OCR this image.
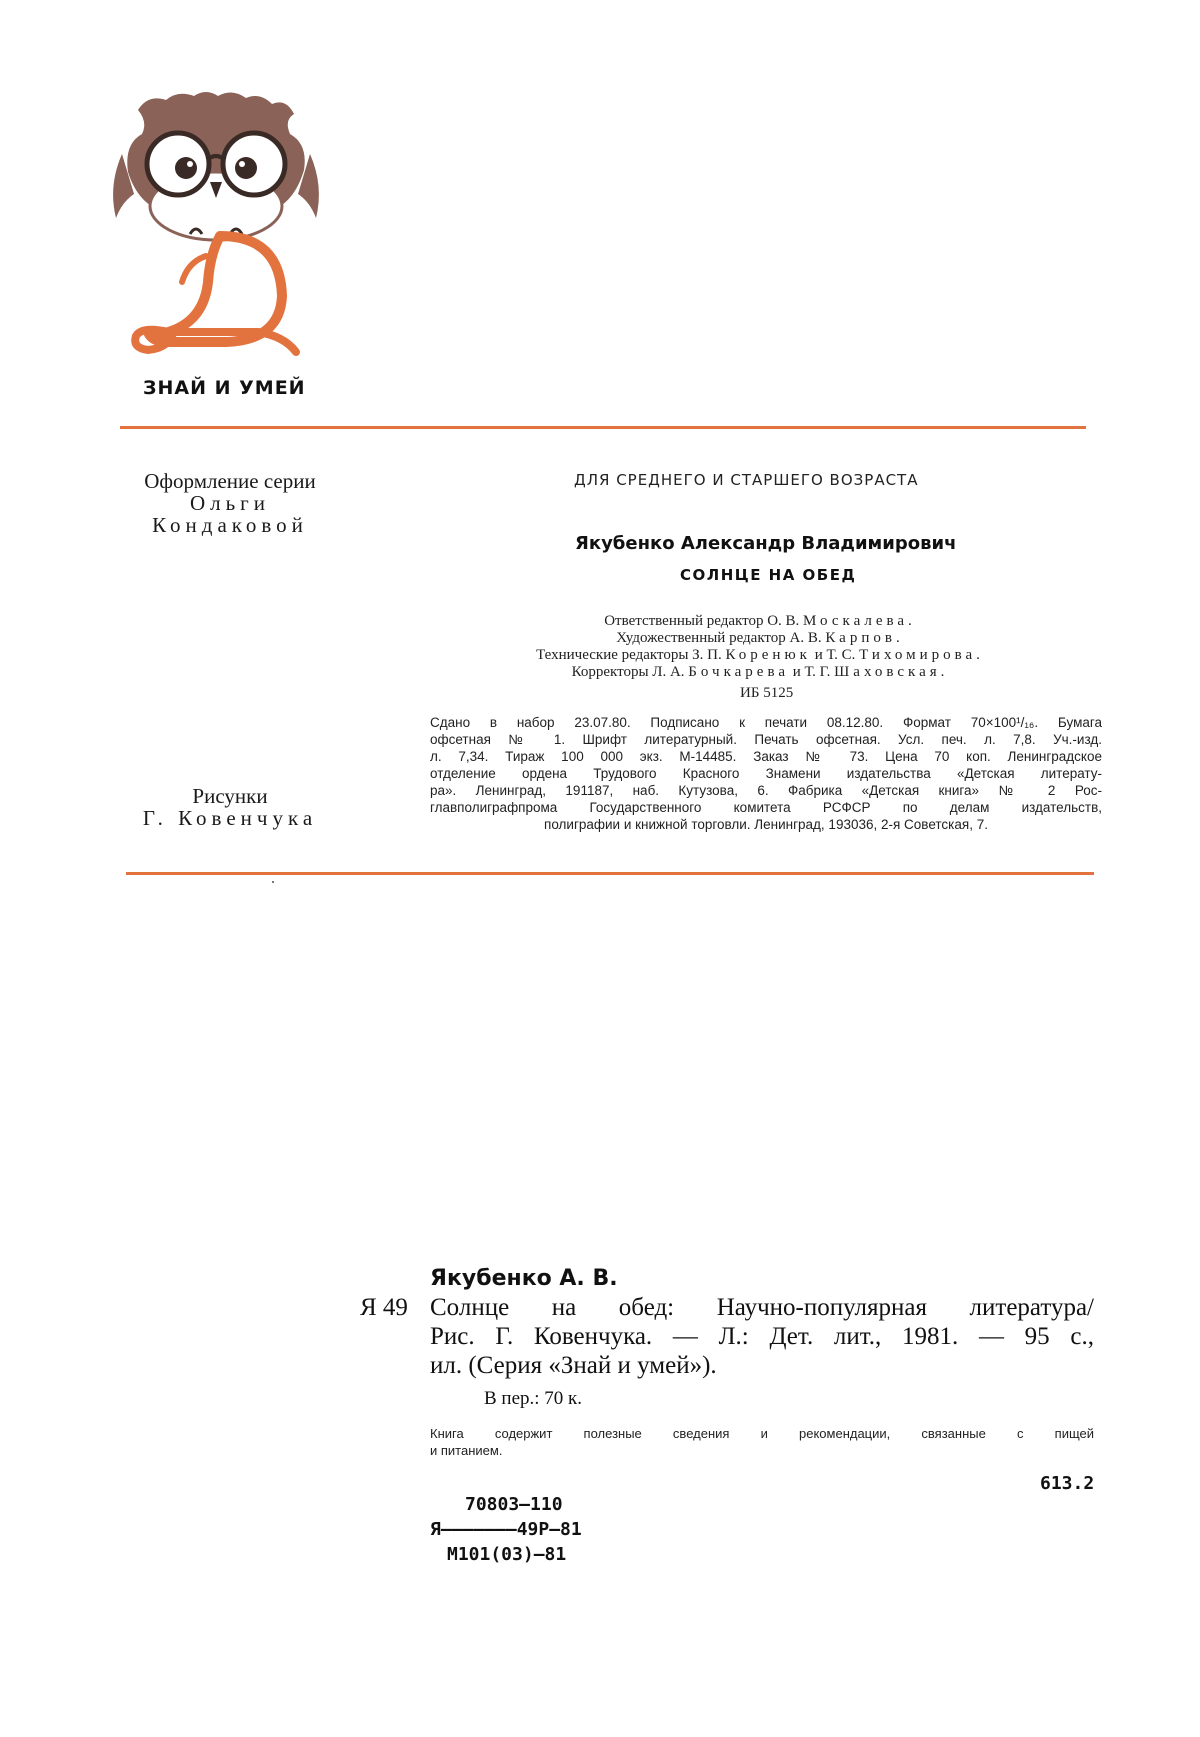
ЗНАЙ И УМЕЙ
Оформление серии
Ольги
Кондаковой
Рисунки
Г. Ковенчука
ДЛЯ СРЕДНЕГО И СТАРШЕГО ВОЗРАСТА
Якубенко Александр Владимирович
СОЛНЦЕ НА ОБЕД
Ответственный редактор О. В. Москалева.
Художественный редактор А. В. Карпов.
Технические редакторы З. П. Коренюк и Т. С. Тихомирова.
Корректоры Л. А. Бочкарева и Т. Г. Шаховская.
ИБ 5125
Сдано в набор 23.07.80. Подписано к печати 08.12.80. Формат 70×100¹/₁₆. Бумага
офсетная № 1. Шрифт литературный. Печать офсетная. Усл. печ. л. 7,8. Уч.-изд.
л. 7,34. Тираж 100 000 экз. М-14485. Заказ № 73. Цена 70 коп. Ленинградское
отделение ордена Трудового Красного Знамени издательства «Детская литерату-
ра». Ленинград, 191187, наб. Кутузова, 6. Фабрика «Детская книга» № 2 Рос-
главполиграфпрома Государственного комитета РСФСР по делам издательств,
полиграфии и книжной торговли. Ленинград, 193036, 2-я Советская, 7.
Якубенко А. В.
Я 49 Солнце на обед: Научно-популярная литература/
Рис. Г. Ковенчука. — Л.: Дет. лит., 1981. — 95 с.,
ил. (Серия «Знай и умей»).
В пер.: 70 к.
Книга содержит полезные сведения и рекомендации, связанные с пищей
и питанием.
613.2
70803—110
Я———————49Р—81
М101(03)—81
